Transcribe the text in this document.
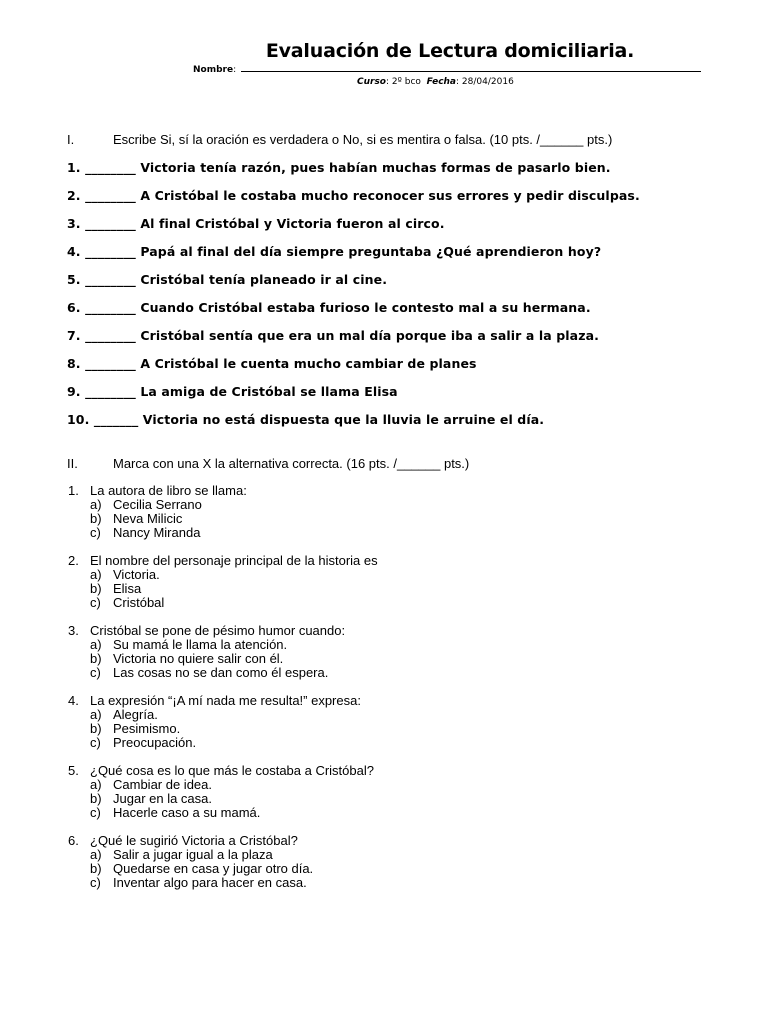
Evaluación de Lectura domiciliaria.
Nombre:
Curso: 2º bco Fecha: 28/04/2016
I.	Escribe Si, sí la oración es verdadera o No, si es mentira o falsa. (10 pts. /______ pts.)
1. ________ Victoria tenía razón, pues habían muchas formas de pasarlo bien.
2. ________ A Cristóbal le costaba mucho reconocer sus errores y pedir disculpas.
3. ________ Al final Cristóbal y Victoria fueron al circo.
4. ________ Papá al final del día siempre preguntaba ¿Qué aprendieron hoy?
5. ________ Cristóbal tenía planeado ir al cine.
6. ________ Cuando Cristóbal estaba furioso le contesto mal a su hermana.
7. ________ Cristóbal sentía que era un mal día porque iba a salir a la plaza.
8. ________ A Cristóbal le cuenta mucho cambiar de planes
9. ________ La amiga de Cristóbal se llama Elisa
10. _______ Victoria no está dispuesta que la lluvia le arruine el día.
II.	Marca con una X la alternativa correcta. (16 pts. /______ pts.)
1. La autora de libro se llama:
a) Cecilia Serrano
b) Neva Milicic
c) Nancy Miranda
2. El nombre del personaje principal de la historia es
a) Victoria.
b) Elisa
c) Cristóbal
3. Cristóbal se pone de pésimo humor cuando:
a) Su mamá le llama la atención.
b) Victoria no quiere salir con él.
c) Las cosas no se dan como él espera.
4. La expresión “¡A mí nada me resulta!” expresa:
a) Alegría.
b) Pesimismo.
c) Preocupación.
5. ¿Qué cosa es lo que más le costaba a Cristóbal?
a) Cambiar de idea.
b) Jugar en la casa.
c) Hacerle caso a su mamá.
6. ¿Qué le sugirió Victoria a Cristóbal?
a) Salir a jugar igual a la plaza
b) Quedarse en casa y jugar otro día.
c) Inventar algo para hacer en casa.
